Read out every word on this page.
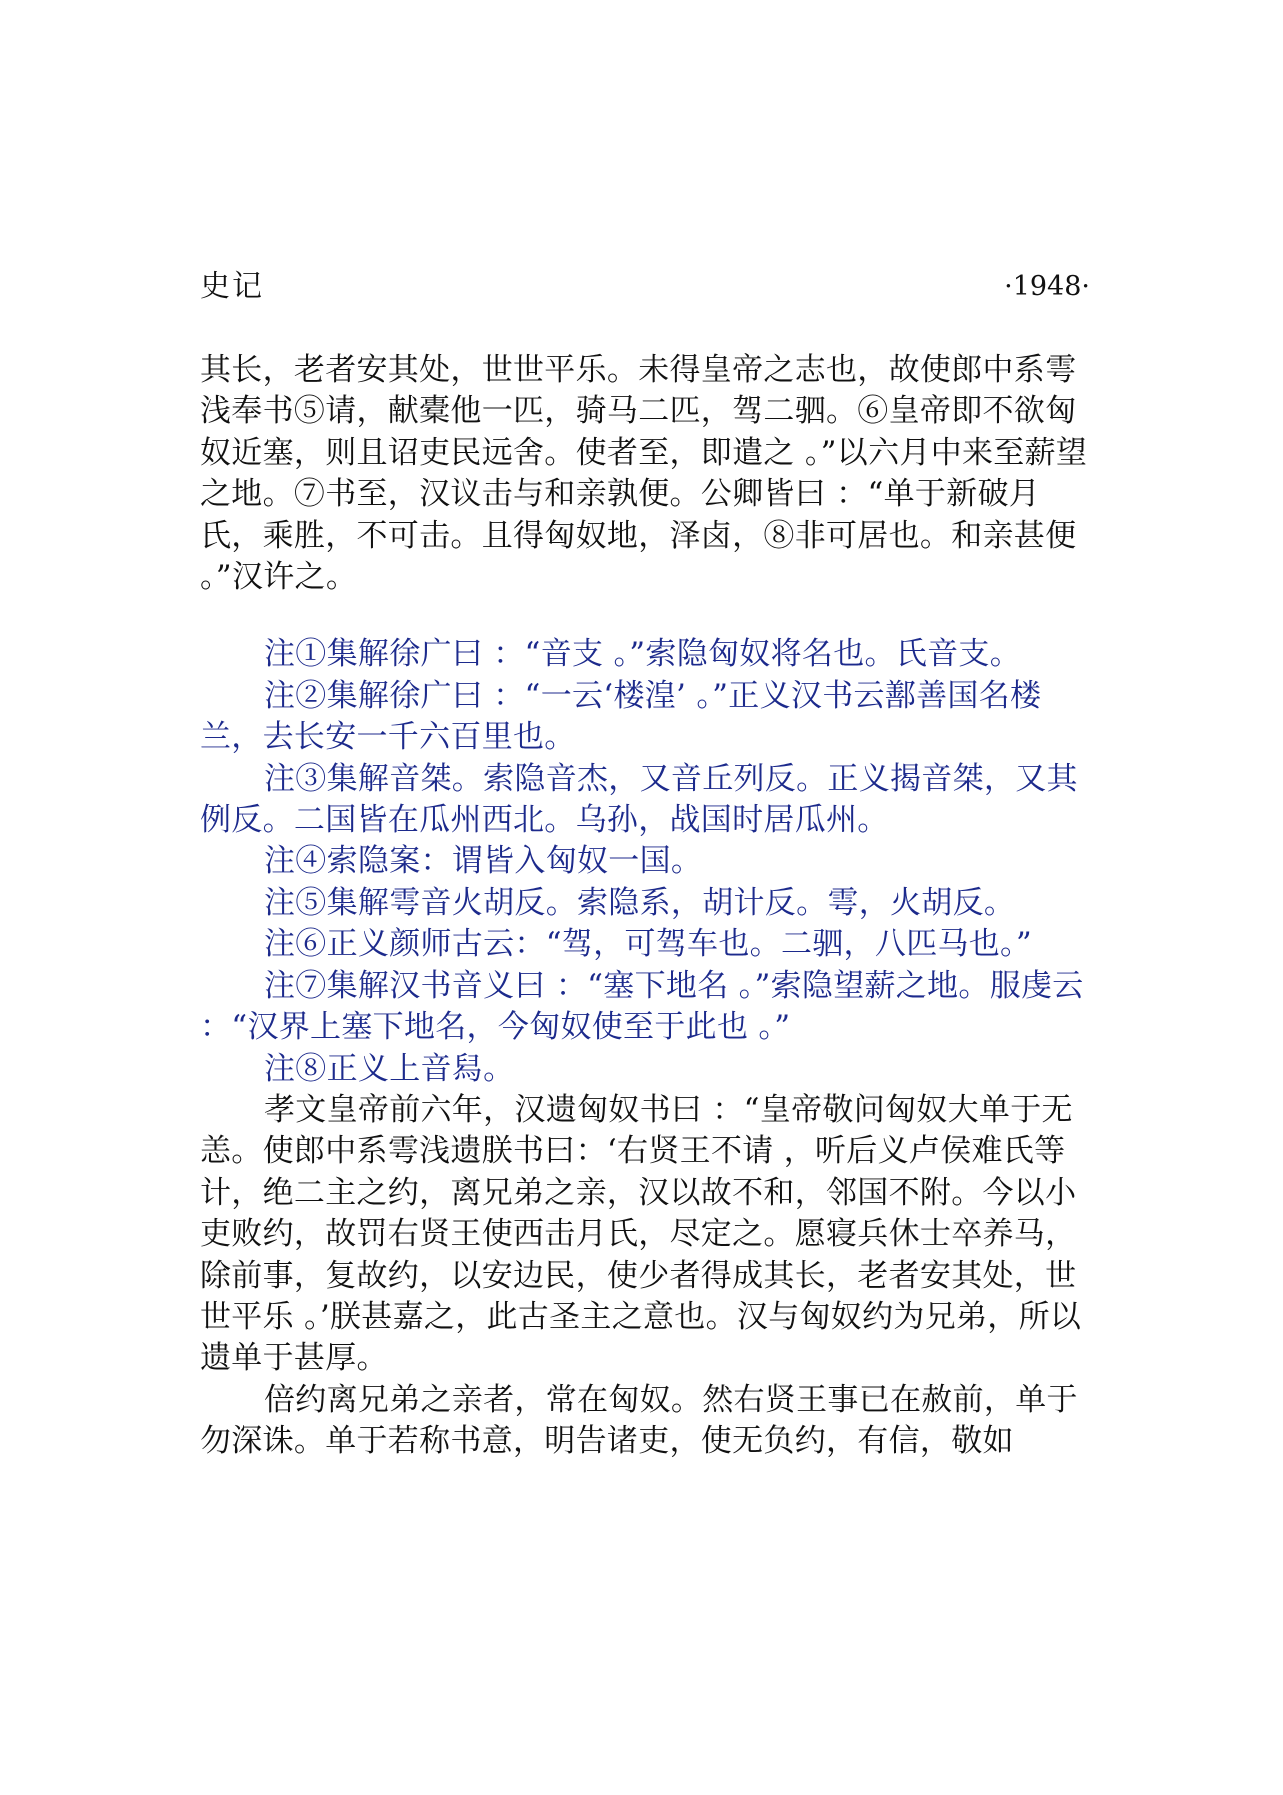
史记	·1948·

其长，老者安其处，世世平乐。未得皇帝之志也，故使郎中系雩浅奉书⑤请，献橐他一匹，骑马二匹，驾二驷。⑥皇帝即不欲匈奴近塞，则且诏吏民远舍。使者至，即遣之 。”以六月中来至薪望之地。⑦书至，汉议击与和亲孰便。公卿皆曰 ：“单于新破月氏，乘胜，不可击。且得匈奴地，泽卤，⑧非可居也。和亲甚便 。”汉许之。

注①集解徐广曰 ：“音支 。”索隐匈奴将名也。氏音支。

注②集解徐广曰 ：“一云‘楼湟’ 。”正义汉书云鄯善国名楼兰，去长安一千六百里也。

注③集解音桀。索隐音杰，又音丘列反。正义揭音桀，又其例反。二国皆在瓜州西北。乌孙，战国时居瓜州。

注④索隐案：谓皆入匈奴一国。

注⑤集解雩音火胡反。索隐系，胡计反。雩，火胡反。

注⑥正义颜师古云：“驾，可驾车也。二驷，八匹马也。”

注⑦集解汉书音义曰 ：“塞下地名 。”索隐望薪之地。服虔云 ：“汉界上塞下地名，今匈奴使至于此也 。”

注⑧正义上音舄。

孝文皇帝前六年，汉遗匈奴书曰 ：“皇帝敬问匈奴大单于无恙。使郎中系雩浅遗朕书曰：‘右贤王不请 ，听后义卢侯难氏等计，绝二主之约，离兄弟之亲，汉以故不和，邻国不附。今以小吏败约，故罚右贤王使西击月氏，尽定之。愿寝兵休士卒养马，除前事，复故约，以安边民，使少者得成其长，老者安其处，世世平乐 。’朕甚嘉之，此古圣主之意也。汉与匈奴约为兄弟，所以遗单于甚厚。

倍约离兄弟之亲者，常在匈奴。然右贤王事已在赦前，单于勿深诛。单于若称书意，明告诸吏，使无负约，有信，敬如
